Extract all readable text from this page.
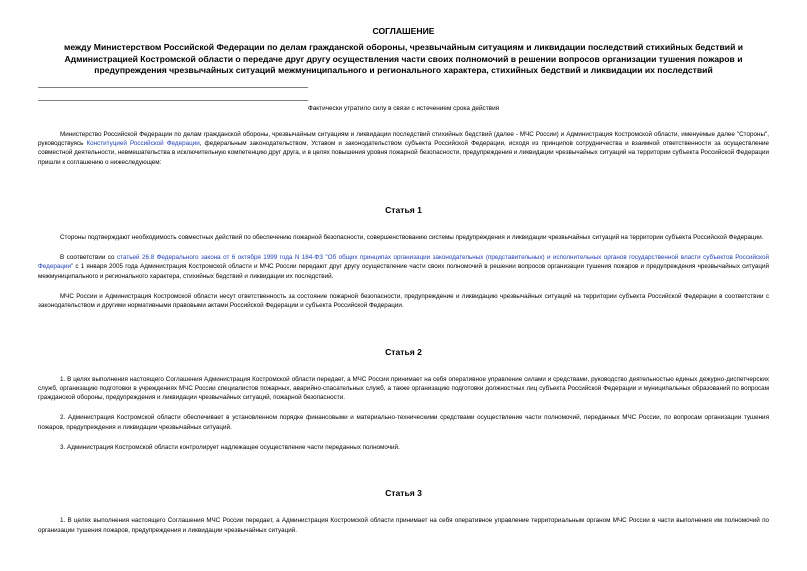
СОГЛАШЕНИЕ
между Министерством Российской Федерации по делам гражданской обороны, чрезвычайным ситуациям и ликвидации последствий стихийных бедствий и Администрацией Костромской области о передаче друг другу осуществления части своих полномочий в решении вопросов организации тушения пожаров и предупреждения чрезвычайных ситуаций межмуниципального и регионального характера, стихийных бедствий и ликвидации их последствий
Фактически утратило силу в связи с истечением срока действия

Министерство Российской Федерации по делам гражданской обороны, чрезвычайным ситуациям и ликвидации последствий стихийных бедствий (далее - МЧС России) и Администрация Костромской области, именуемые далее "Стороны", руководствуясь Конституцией Российской Федерации, федеральным законодательством, Уставом и законодательством субъекта Российской Федерации, исходя из принципов сотрудничества и взаимной ответственности за осуществление совместной деятельности, невмешательства в исключительную компетенцию друг друга, и в целях повышения уровня пожарной безопасности, предупреждения и ликвидации чрезвычайных ситуаций на территории субъекта Российской Федерации пришли к соглашению о нижеследующем:

Статья 1

Стороны подтверждают необходимость совместных действий по обеспечению пожарной безопасности, совершенствованию системы предупреждения и ликвидации чрезвычайных ситуаций на территории субъекта Российской Федерации.

В соответствии со статьей 26.8 Федерального закона от 6 октября 1999 года N 184-ФЗ "Об общих принципах организации законодательных (представительных) и исполнительных органов государственной власти субъектов Российской Федерации" с 1 января 2005 года Администрация Костромской области и МЧС России передают друг другу осуществление части своих полномочий в решении вопросов организации тушения пожаров и предупреждения чрезвычайных ситуаций межмуниципального и регионального характера, стихийных бедствий и ликвидации их последствий.

МЧС России и Администрация Костромской области несут ответственность за состояние пожарной безопасности, предупреждение и ликвидацию чрезвычайных ситуаций на территории субъекта Российской Федерации в соответствии с законодательством и другими нормативными правовыми актами Российской Федерации и субъекта Российской Федерации.

Статья 2

1. В целях выполнения настоящего Соглашения Администрация Костромской области передает, а МЧС России принимает на себя оперативное управление силами и средствами, руководство деятельностью единых дежурно-диспетчерских служб, организацию подготовки в учреждениях МЧС России специалистов пожарных, аварийно-спасательных служб, а также организацию подготовки должностных лиц субъекта Российской Федерации и муниципальных образований по вопросам гражданской обороны, предупреждения и ликвидации чрезвычайных ситуаций, пожарной безопасности.

2. Администрация Костромской области обеспечивает в установленном порядке финансовыми и материально-техническими средствами осуществление части полномочий, переданных МЧС России, по вопросам организации тушения пожаров, предупреждения и ликвидации чрезвычайных ситуаций.

3. Администрация Костромской области контролирует надлежащее осуществление части переданных полномочий.

Статья 3

1. В целях выполнения настоящего Соглашения МЧС России передает, а Администрация Костромской области принимает на себя оперативное управление территориальным органом МЧС России в части выполнения им полномочий по организации тушения пожаров, предупреждения и ликвидации чрезвычайных ситуаций.
